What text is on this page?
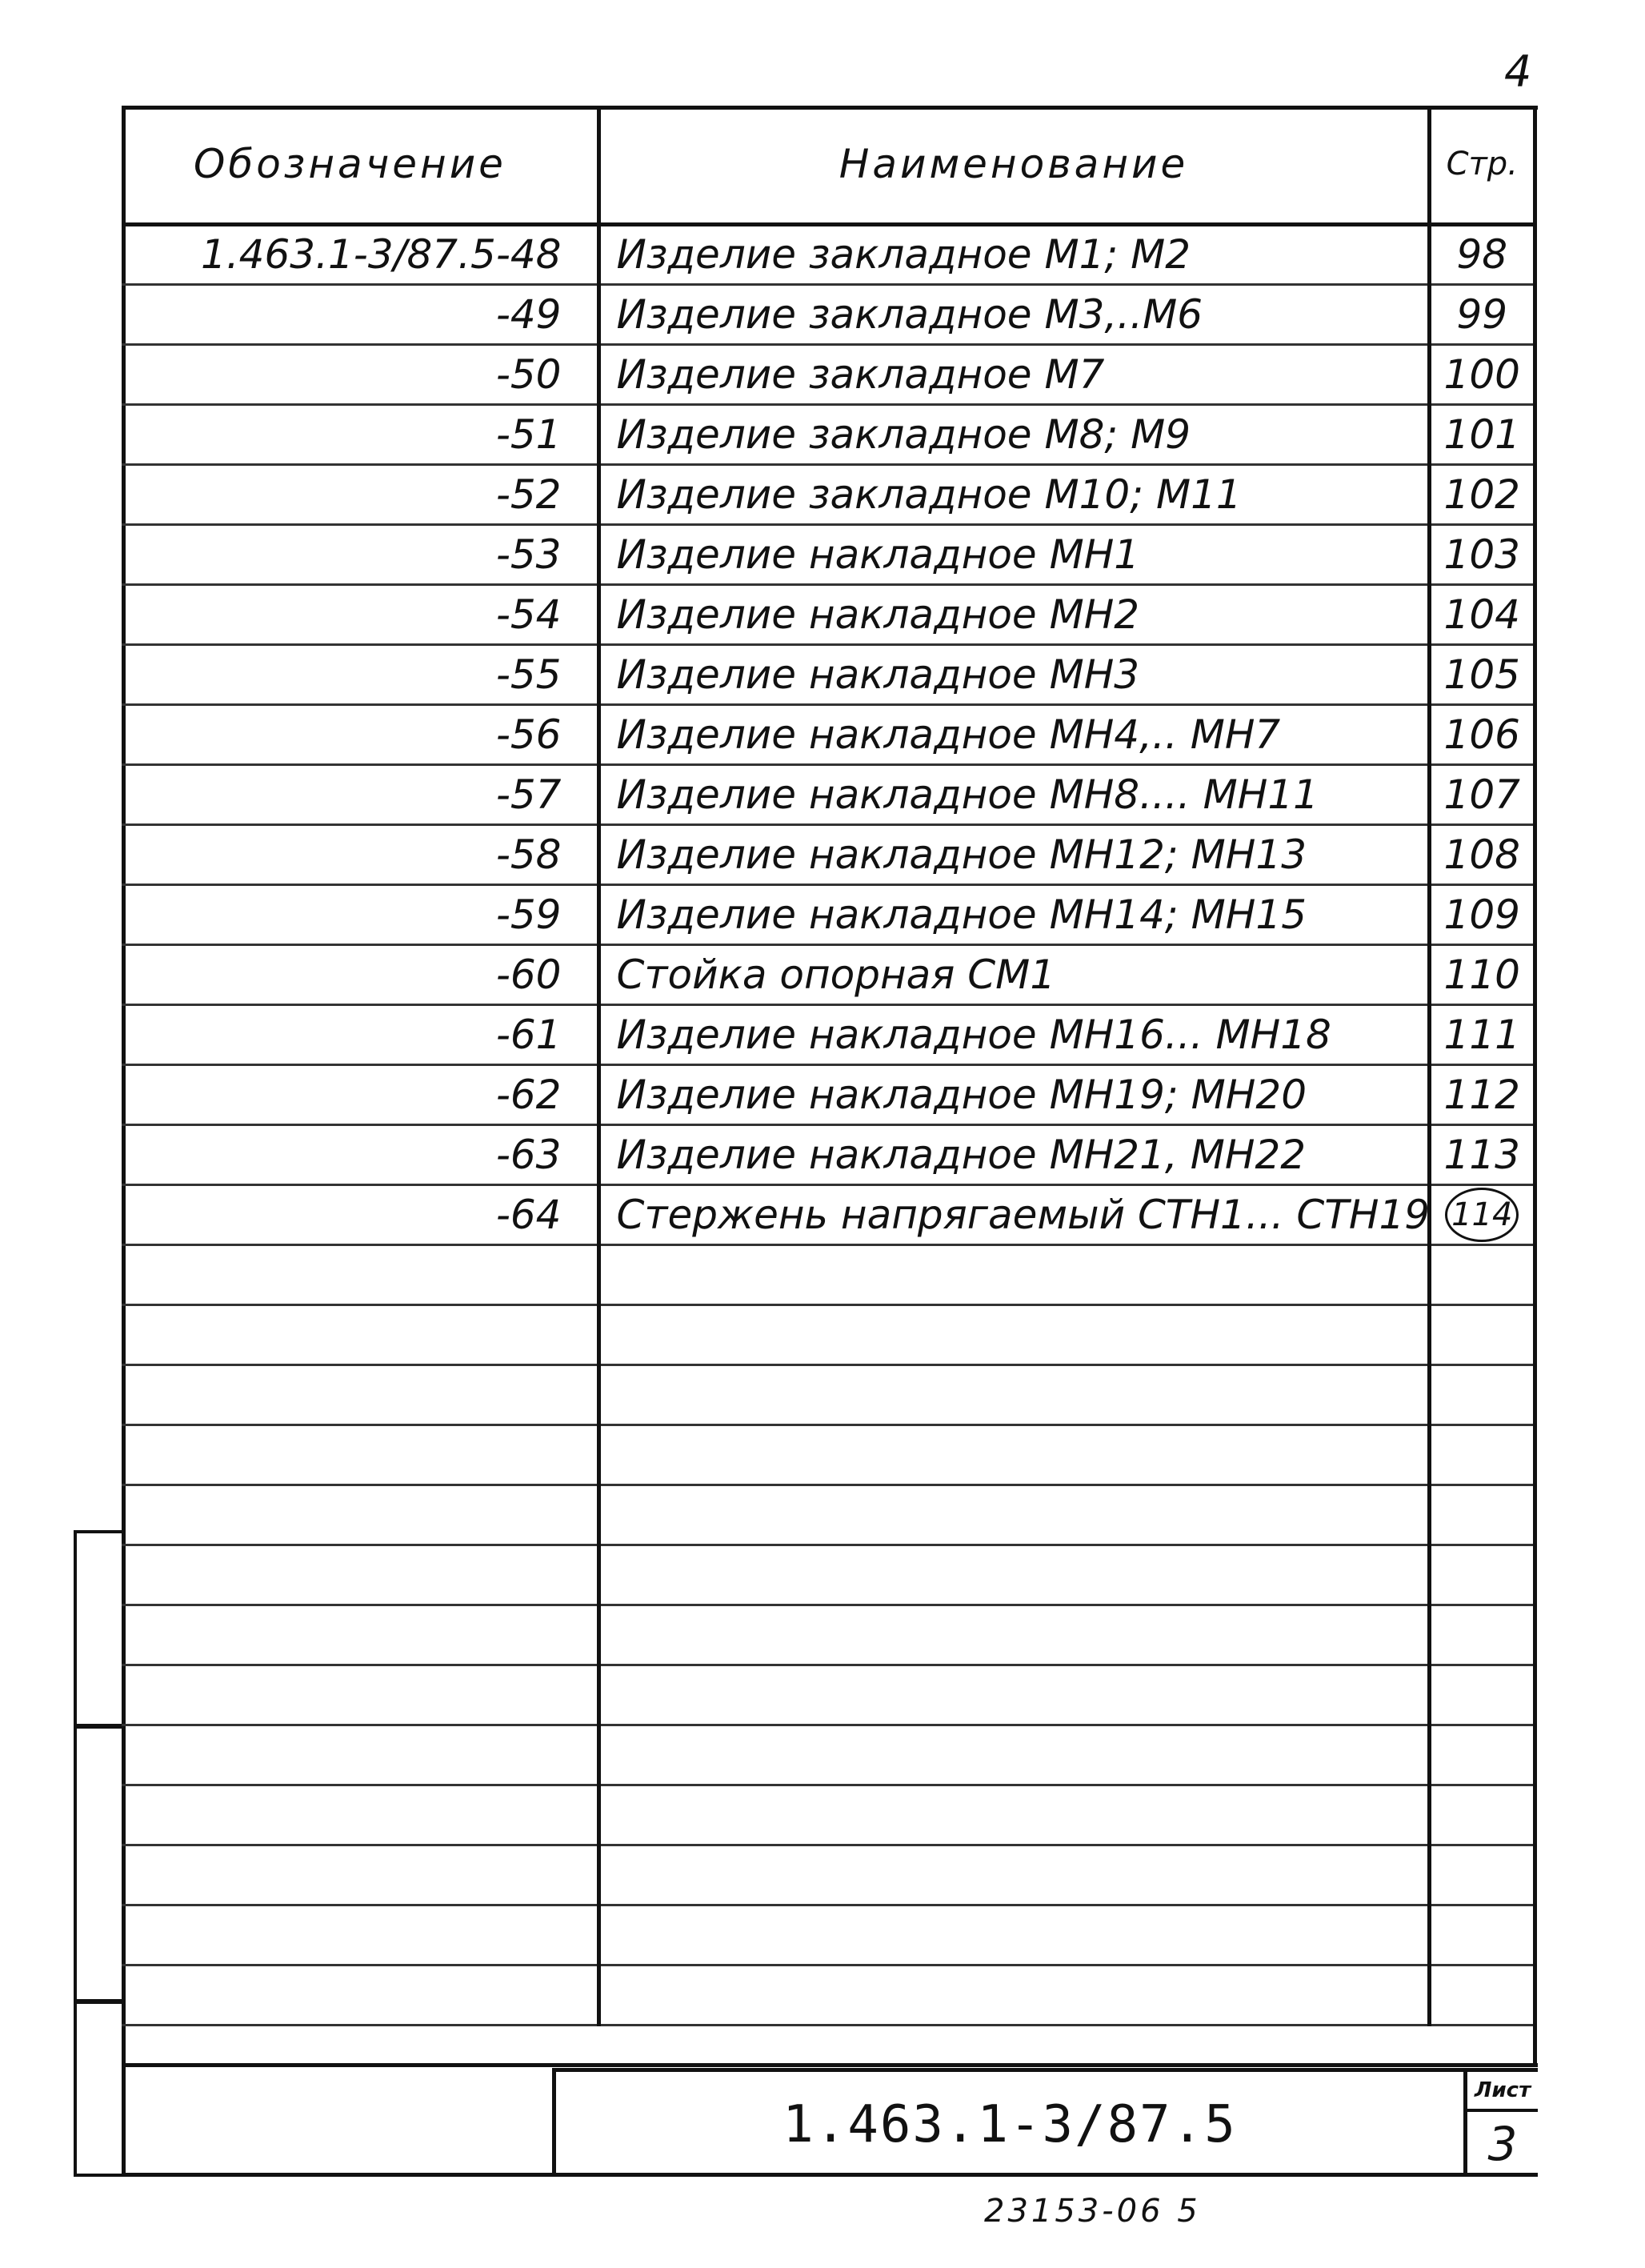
4
Обозначение	Наименование	Стр.
1.463.1-3/87.5-48	Изделие закладное М1; М2	98
-49	Изделие закладное М3,..М6	99
-50	Изделие закладное М7	100
-51	Изделие закладное М8; М9	101
-52	Изделие закладное М10; М11	102
-53	Изделие накладное МН1	103
-54	Изделие накладное МН2	104
-55	Изделие накладное МН3	105
-56	Изделие накладное МН4,.. МН7	106
-57	Изделие накладное МН8.... МН11	107
-58	Изделие накладное МН12; МН13	108
-59	Изделие накладное МН14; МН15	109
-60	Стойка опорная СМ1	110
-61	Изделие накладное МН16... МН18	111
-62	Изделие накладное МН19; МН20	112
-63	Изделие накладное МН21, МН22	113
-64	Стержень напрягаемый СТН1... СТН19	114

1.463.1-3/87.5
Лист
3
23153-06 5
